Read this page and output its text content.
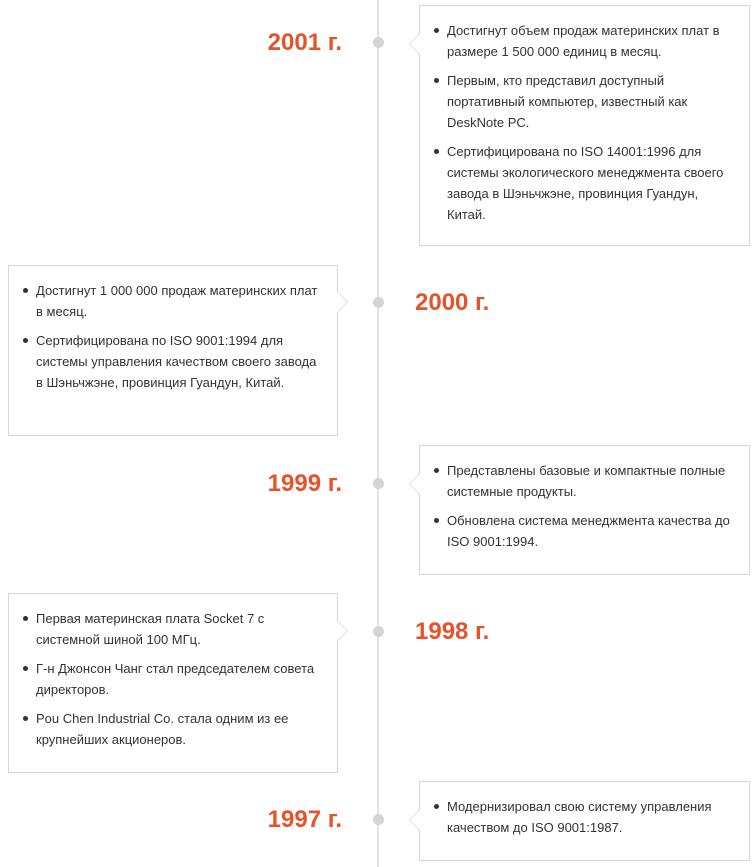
2001 г.	Достигнут объем продаж материнских плат в размере 1 500 000 единиц в месяц.
Первым, кто представил доступный портативный компьютер, известный как DeskNote PC.
Сертифицирована по ISO 14001:1996 для системы экологического менеджмента своего завода в Шэньчжэне, провинция Гуандун, Китай.
2000 г.
Достигнут 1 000 000 продаж материнских плат в месяц.
Сертифицирована по ISO 9001:1994 для системы управления качеством своего завода в Шэньчжэне, провинция Гуандун, Китай.
1999 г.	Представлены базовые и компактные полные системные продукты.
Обновлена система менеджмента качества до ISO 9001:1994.
1998 г.
Первая материнская плата Socket 7 с системной шиной 100 МГц.
Г-н Джонсон Чанг стал председателем совета директоров.
Pou Chen Industrial Co. стала одним из ее крупнейших акционеров.
1997 г.	Модернизировал свою систему управления качеством до ISO 9001:1987.
